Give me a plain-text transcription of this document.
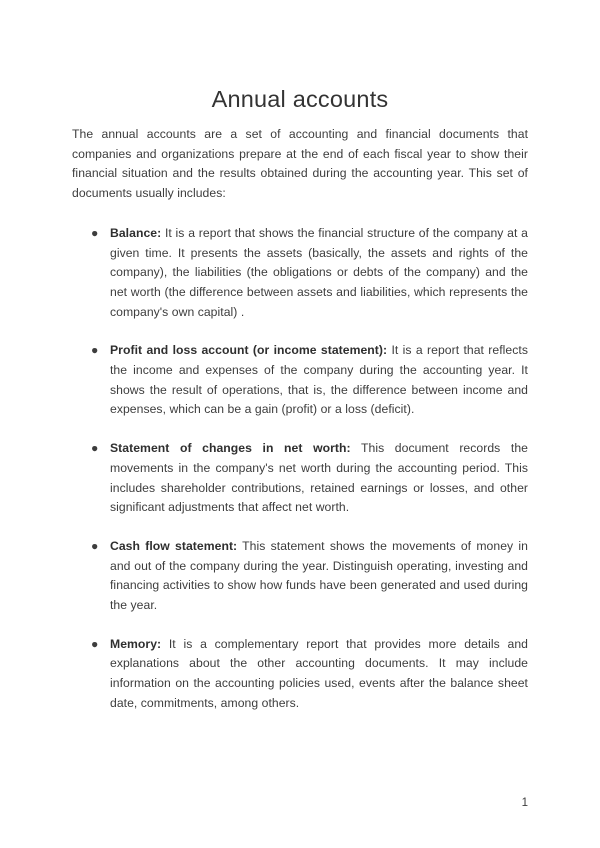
Annual accounts

The annual accounts are a set of accounting and financial documents that companies and organizations prepare at the end of each fiscal year to show their financial situation and the results obtained during the accounting year. This set of documents usually includes:

● Balance: It is a report that shows the financial structure of the company at a given time. It presents the assets (basically, the assets and rights of the company), the liabilities (the obligations or debts of the company) and the net worth (the difference between assets and liabilities, which represents the company's own capital) .
● Profit and loss account (or income statement): It is a report that reflects the income and expenses of the company during the accounting year. It shows the result of operations, that is, the difference between income and expenses, which can be a gain (profit) or a loss (deficit).
● Statement of changes in net worth: This document records the movements in the company's net worth during the accounting period. This includes shareholder contributions, retained earnings or losses, and other significant adjustments that affect net worth.
● Cash flow statement: This statement shows the movements of money in and out of the company during the year. Distinguish operating, investing and financing activities to show how funds have been generated and used during the year.
● Memory: It is a complementary report that provides more details and explanations about the other accounting documents. It may include information on the accounting policies used, events after the balance sheet date, commitments, among others.
1
